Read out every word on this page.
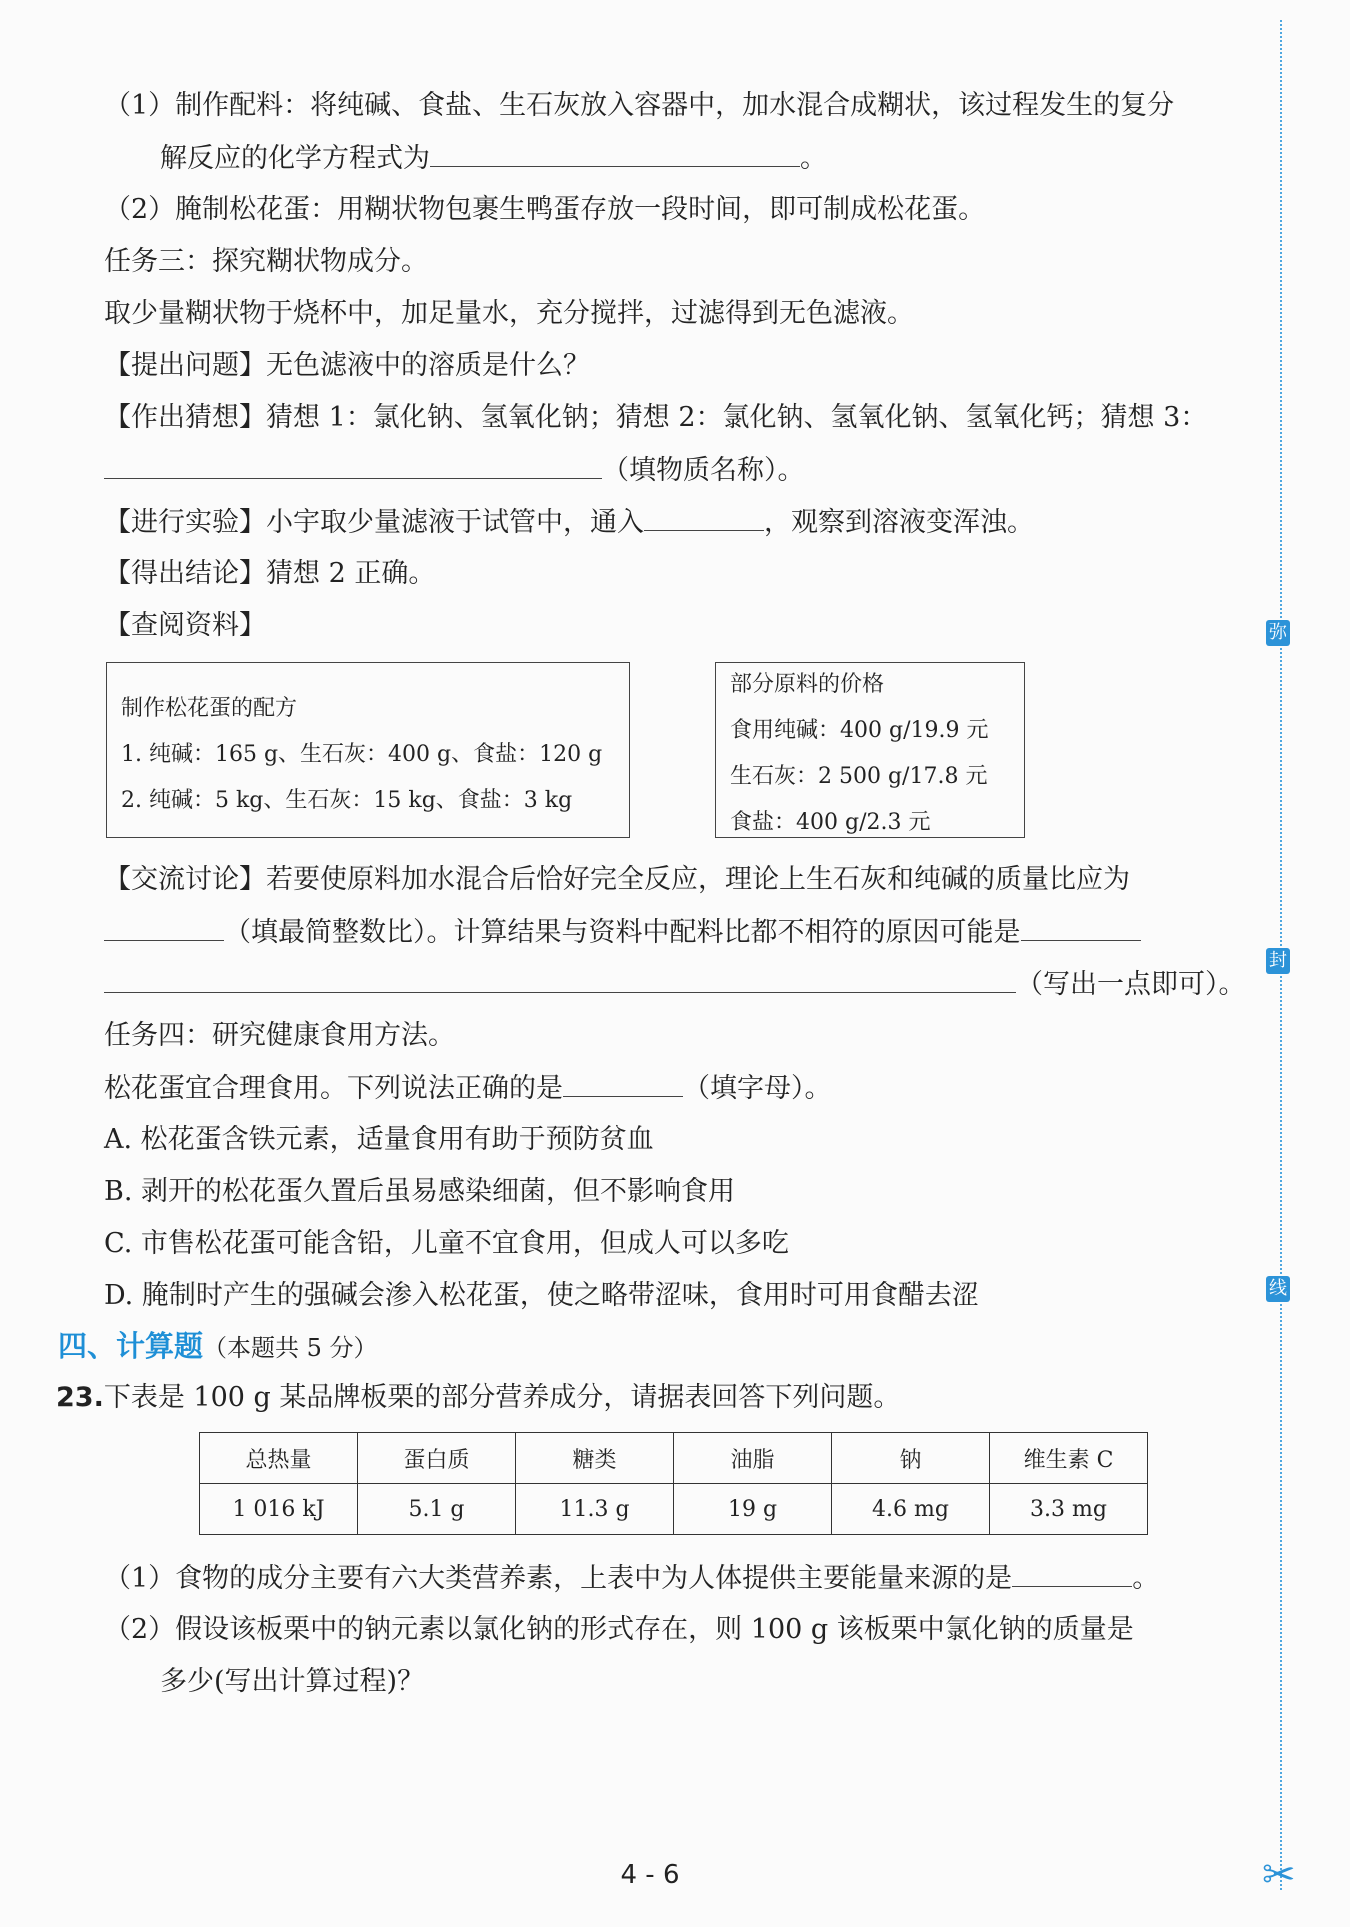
（1）制作配料：将纯碱、食盐、生石灰放入容器中，加水混合成糊状，该过程发生的复分
解反应的化学方程式为	。
（2）腌制松花蛋：用糊状物包裹生鸭蛋存放一段时间，即可制成松花蛋。
任务三：探究糊状物成分。
取少量糊状物于烧杯中，加足量水，充分搅拌，过滤得到无色滤液。
【提出问题】无色滤液中的溶质是什么？
【作出猜想】猜想 1：氯化钠、氢氧化钠；猜想 2：氯化钠、氢氧化钠、氢氧化钙；猜想 3：
（填物质名称）。
【进行实验】小宇取少量滤液于试管中，通入	，观察到溶液变浑浊。
【得出结论】猜想 2 正确。
【查阅资料】
制作松花蛋的配方
1. 纯碱：165 g、生石灰：400 g、食盐：120 g
2. 纯碱：5 kg、生石灰：15 kg、食盐：3 kg
部分原料的价格
食用纯碱：400 g/19.9 元
生石灰：2 500 g/17.8 元
食盐：400 g/2.3 元
【交流讨论】若要使原料加水混合后恰好完全反应，理论上生石灰和纯碱的质量比应为
（填最简整数比）。计算结果与资料中配料比都不相符的原因可能是
（写出一点即可）。
任务四：研究健康食用方法。
松花蛋宜合理食用。下列说法正确的是	（填字母）。
A. 松花蛋含铁元素，适量食用有助于预防贫血
B. 剥开的松花蛋久置后虽易感染细菌，但不影响食用
C. 市售松花蛋可能含铅，儿童不宜食用，但成人可以多吃
D. 腌制时产生的强碱会渗入松花蛋，使之略带涩味，食用时可用食醋去涩
四、计算题（本题共 5 分）
23.下表是 100 g 某品牌板栗的部分营养成分，请据表回答下列问题。
总热量	蛋白质	糖类	油脂	钠	维生素 C
1 016 kJ	5.1 g	11.3 g	19 g	4.6 mg	3.3 mg
（1）食物的成分主要有六大类营养素，上表中为人体提供主要能量来源的是	。
（2）假设该板栗中的钠元素以氯化钠的形式存在，则 100 g 该板栗中氯化钠的质量是
多少(写出计算过程)？
弥
封
线
✂
4 - 6
